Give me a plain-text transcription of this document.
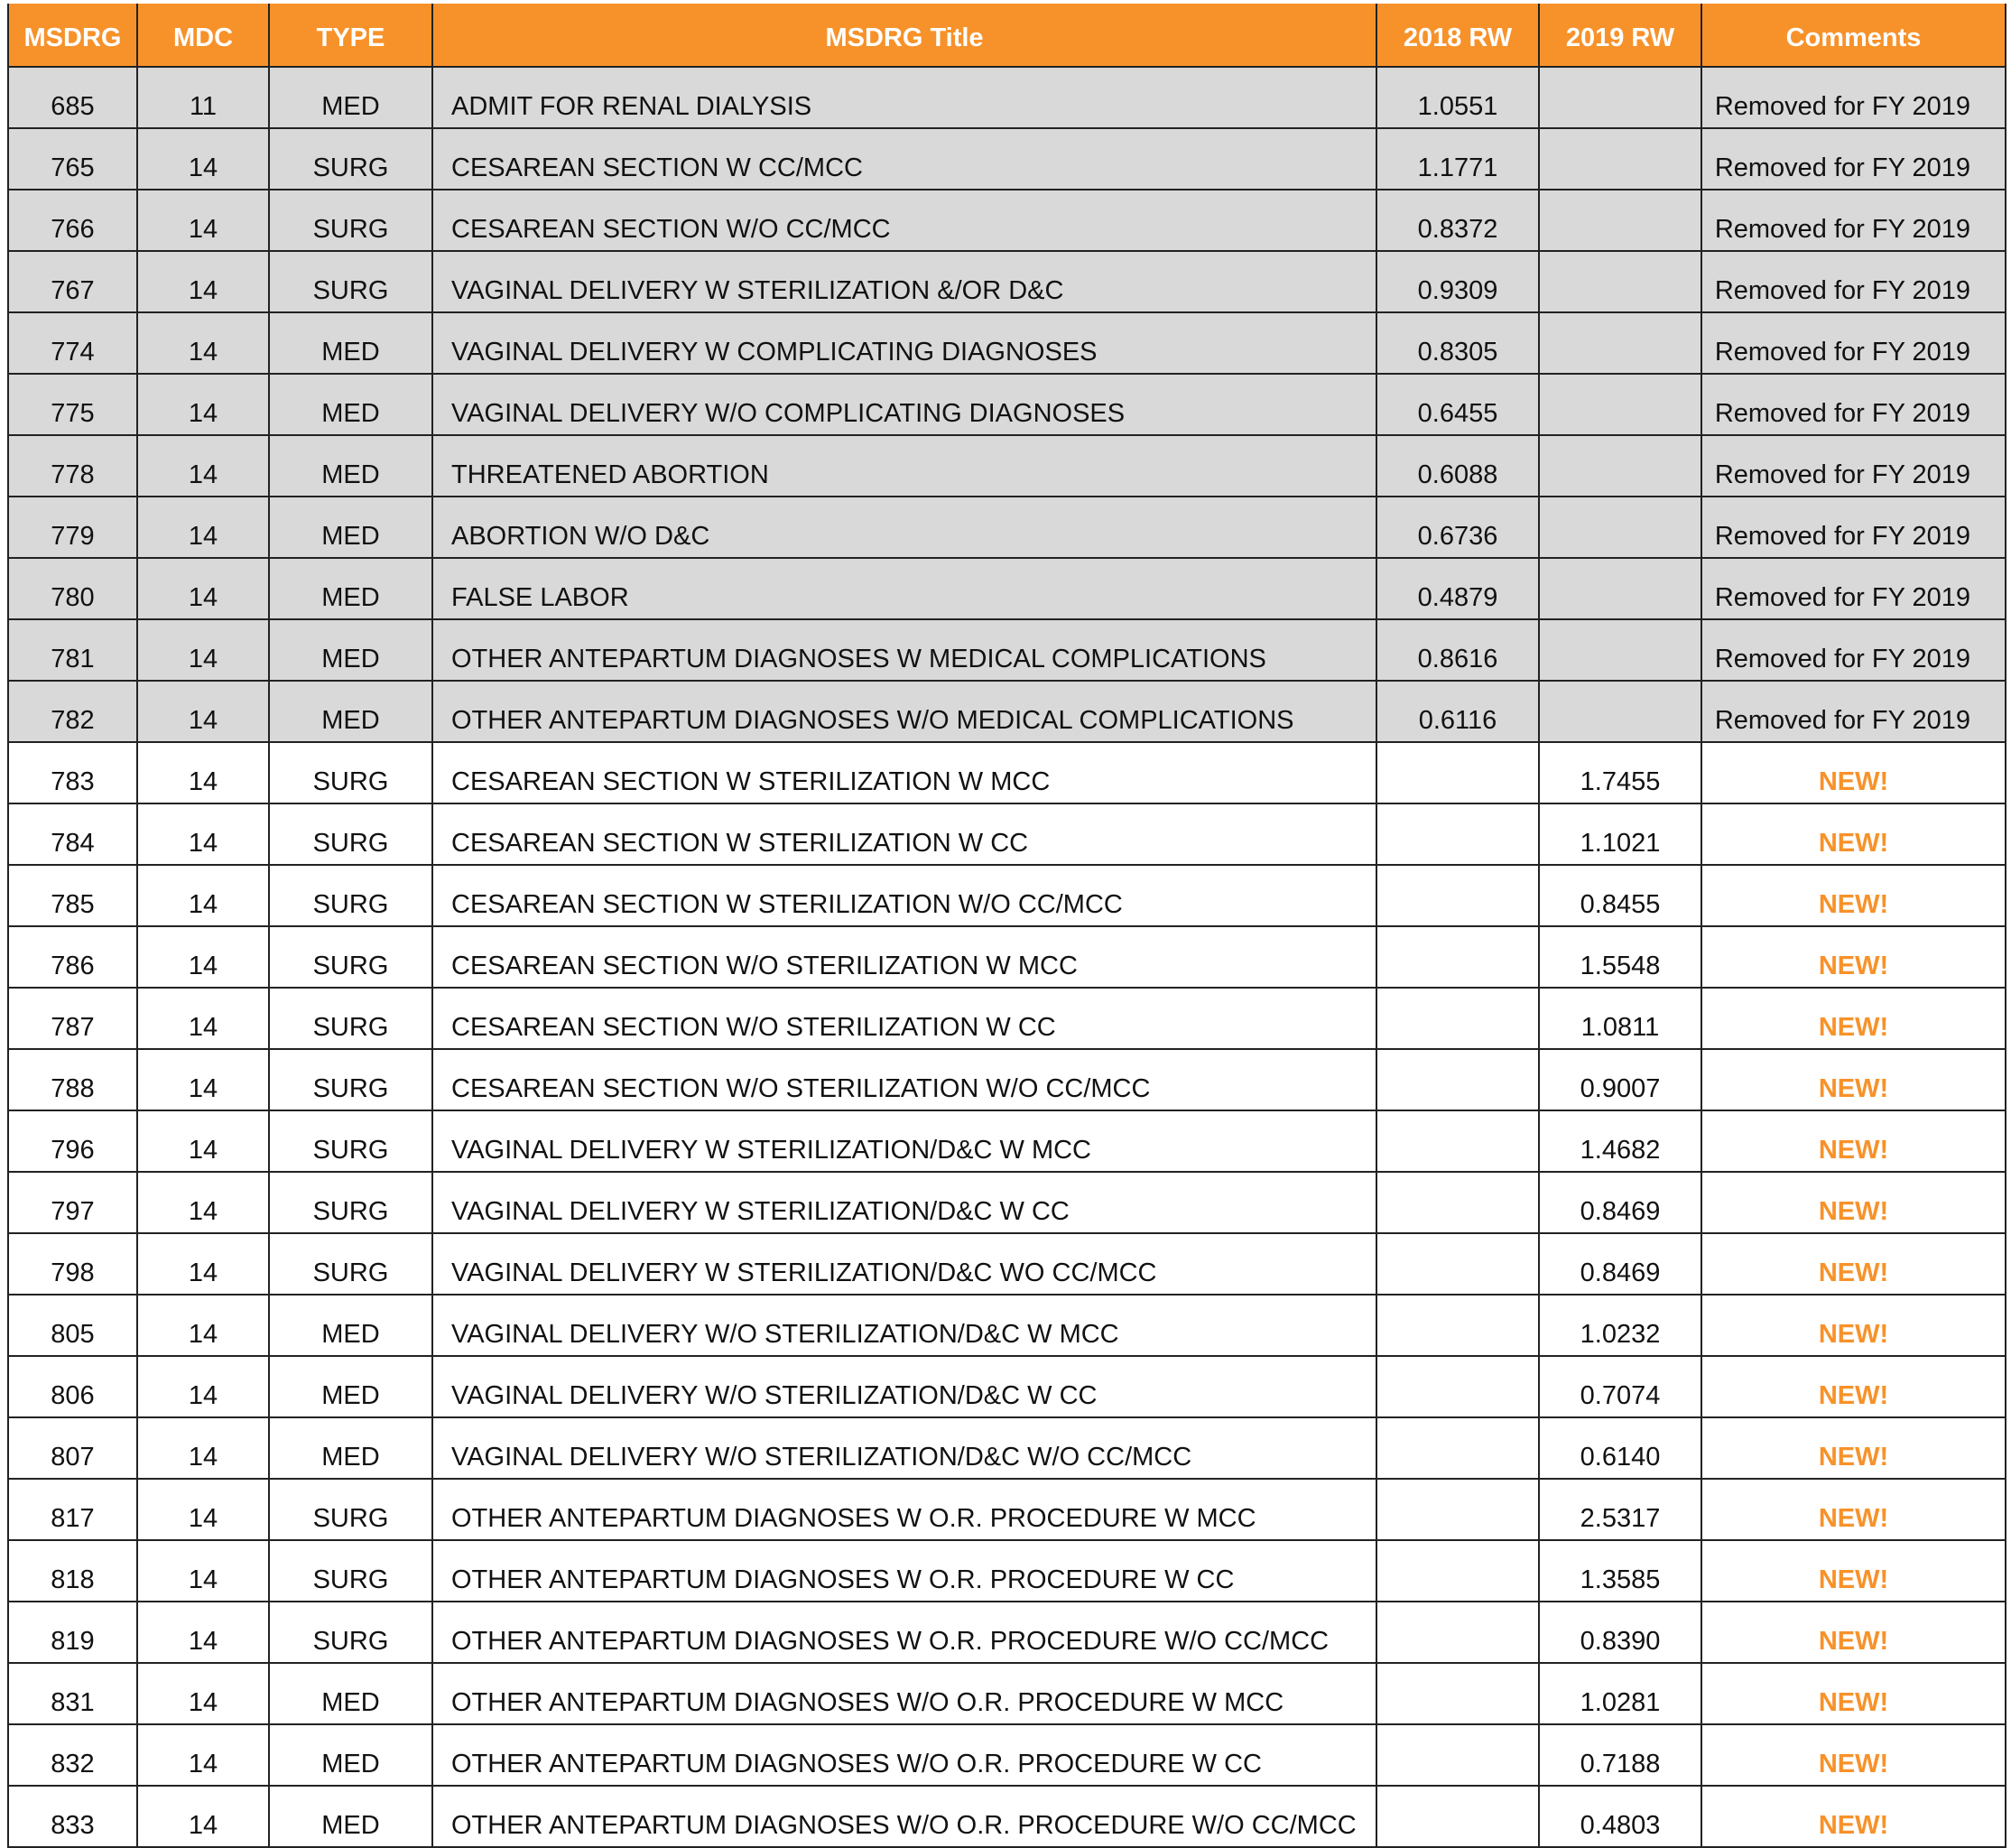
MSDRG	MDC	TYPE	MSDRG Title	2018 RW	2019 RW	Comments
685	11	MED	ADMIT FOR RENAL DIALYSIS	1.0551		Removed for FY 2019
765	14	SURG	CESAREAN SECTION W CC/MCC	1.1771		Removed for FY 2019
766	14	SURG	CESAREAN SECTION W/O CC/MCC	0.8372		Removed for FY 2019
767	14	SURG	VAGINAL DELIVERY W STERILIZATION &/OR D&C	0.9309		Removed for FY 2019
774	14	MED	VAGINAL DELIVERY W COMPLICATING DIAGNOSES	0.8305		Removed for FY 2019
775	14	MED	VAGINAL DELIVERY W/O COMPLICATING DIAGNOSES	0.6455		Removed for FY 2019
778	14	MED	THREATENED ABORTION	0.6088		Removed for FY 2019
779	14	MED	ABORTION W/O D&C	0.6736		Removed for FY 2019
780	14	MED	FALSE LABOR	0.4879		Removed for FY 2019
781	14	MED	OTHER ANTEPARTUM DIAGNOSES W MEDICAL COMPLICATIONS	0.8616		Removed for FY 2019
782	14	MED	OTHER ANTEPARTUM DIAGNOSES W/O MEDICAL COMPLICATIONS	0.6116		Removed for FY 2019
783	14	SURG	CESAREAN SECTION W STERILIZATION W MCC		1.7455	NEW!
784	14	SURG	CESAREAN SECTION W STERILIZATION W CC		1.1021	NEW!
785	14	SURG	CESAREAN SECTION W STERILIZATION W/O CC/MCC		0.8455	NEW!
786	14	SURG	CESAREAN SECTION W/O STERILIZATION W MCC		1.5548	NEW!
787	14	SURG	CESAREAN SECTION W/O STERILIZATION W CC		1.0811	NEW!
788	14	SURG	CESAREAN SECTION W/O STERILIZATION W/O CC/MCC		0.9007	NEW!
796	14	SURG	VAGINAL DELIVERY W STERILIZATION/D&C W MCC		1.4682	NEW!
797	14	SURG	VAGINAL DELIVERY W STERILIZATION/D&C W CC		0.8469	NEW!
798	14	SURG	VAGINAL DELIVERY W STERILIZATION/D&C WO CC/MCC		0.8469	NEW!
805	14	MED	VAGINAL DELIVERY W/O STERILIZATION/D&C W MCC		1.0232	NEW!
806	14	MED	VAGINAL DELIVERY W/O STERILIZATION/D&C W CC		0.7074	NEW!
807	14	MED	VAGINAL DELIVERY W/O STERILIZATION/D&C W/O CC/MCC		0.6140	NEW!
817	14	SURG	OTHER ANTEPARTUM DIAGNOSES W O.R. PROCEDURE W MCC		2.5317	NEW!
818	14	SURG	OTHER ANTEPARTUM DIAGNOSES W O.R. PROCEDURE W CC		1.3585	NEW!
819	14	SURG	OTHER ANTEPARTUM DIAGNOSES W O.R. PROCEDURE W/O CC/MCC		0.8390	NEW!
831	14	MED	OTHER ANTEPARTUM DIAGNOSES W/O O.R. PROCEDURE W MCC		1.0281	NEW!
832	14	MED	OTHER ANTEPARTUM DIAGNOSES W/O O.R. PROCEDURE W CC		0.7188	NEW!
833	14	MED	OTHER ANTEPARTUM DIAGNOSES W/O O.R. PROCEDURE W/O CC/MCC		0.4803	NEW!
